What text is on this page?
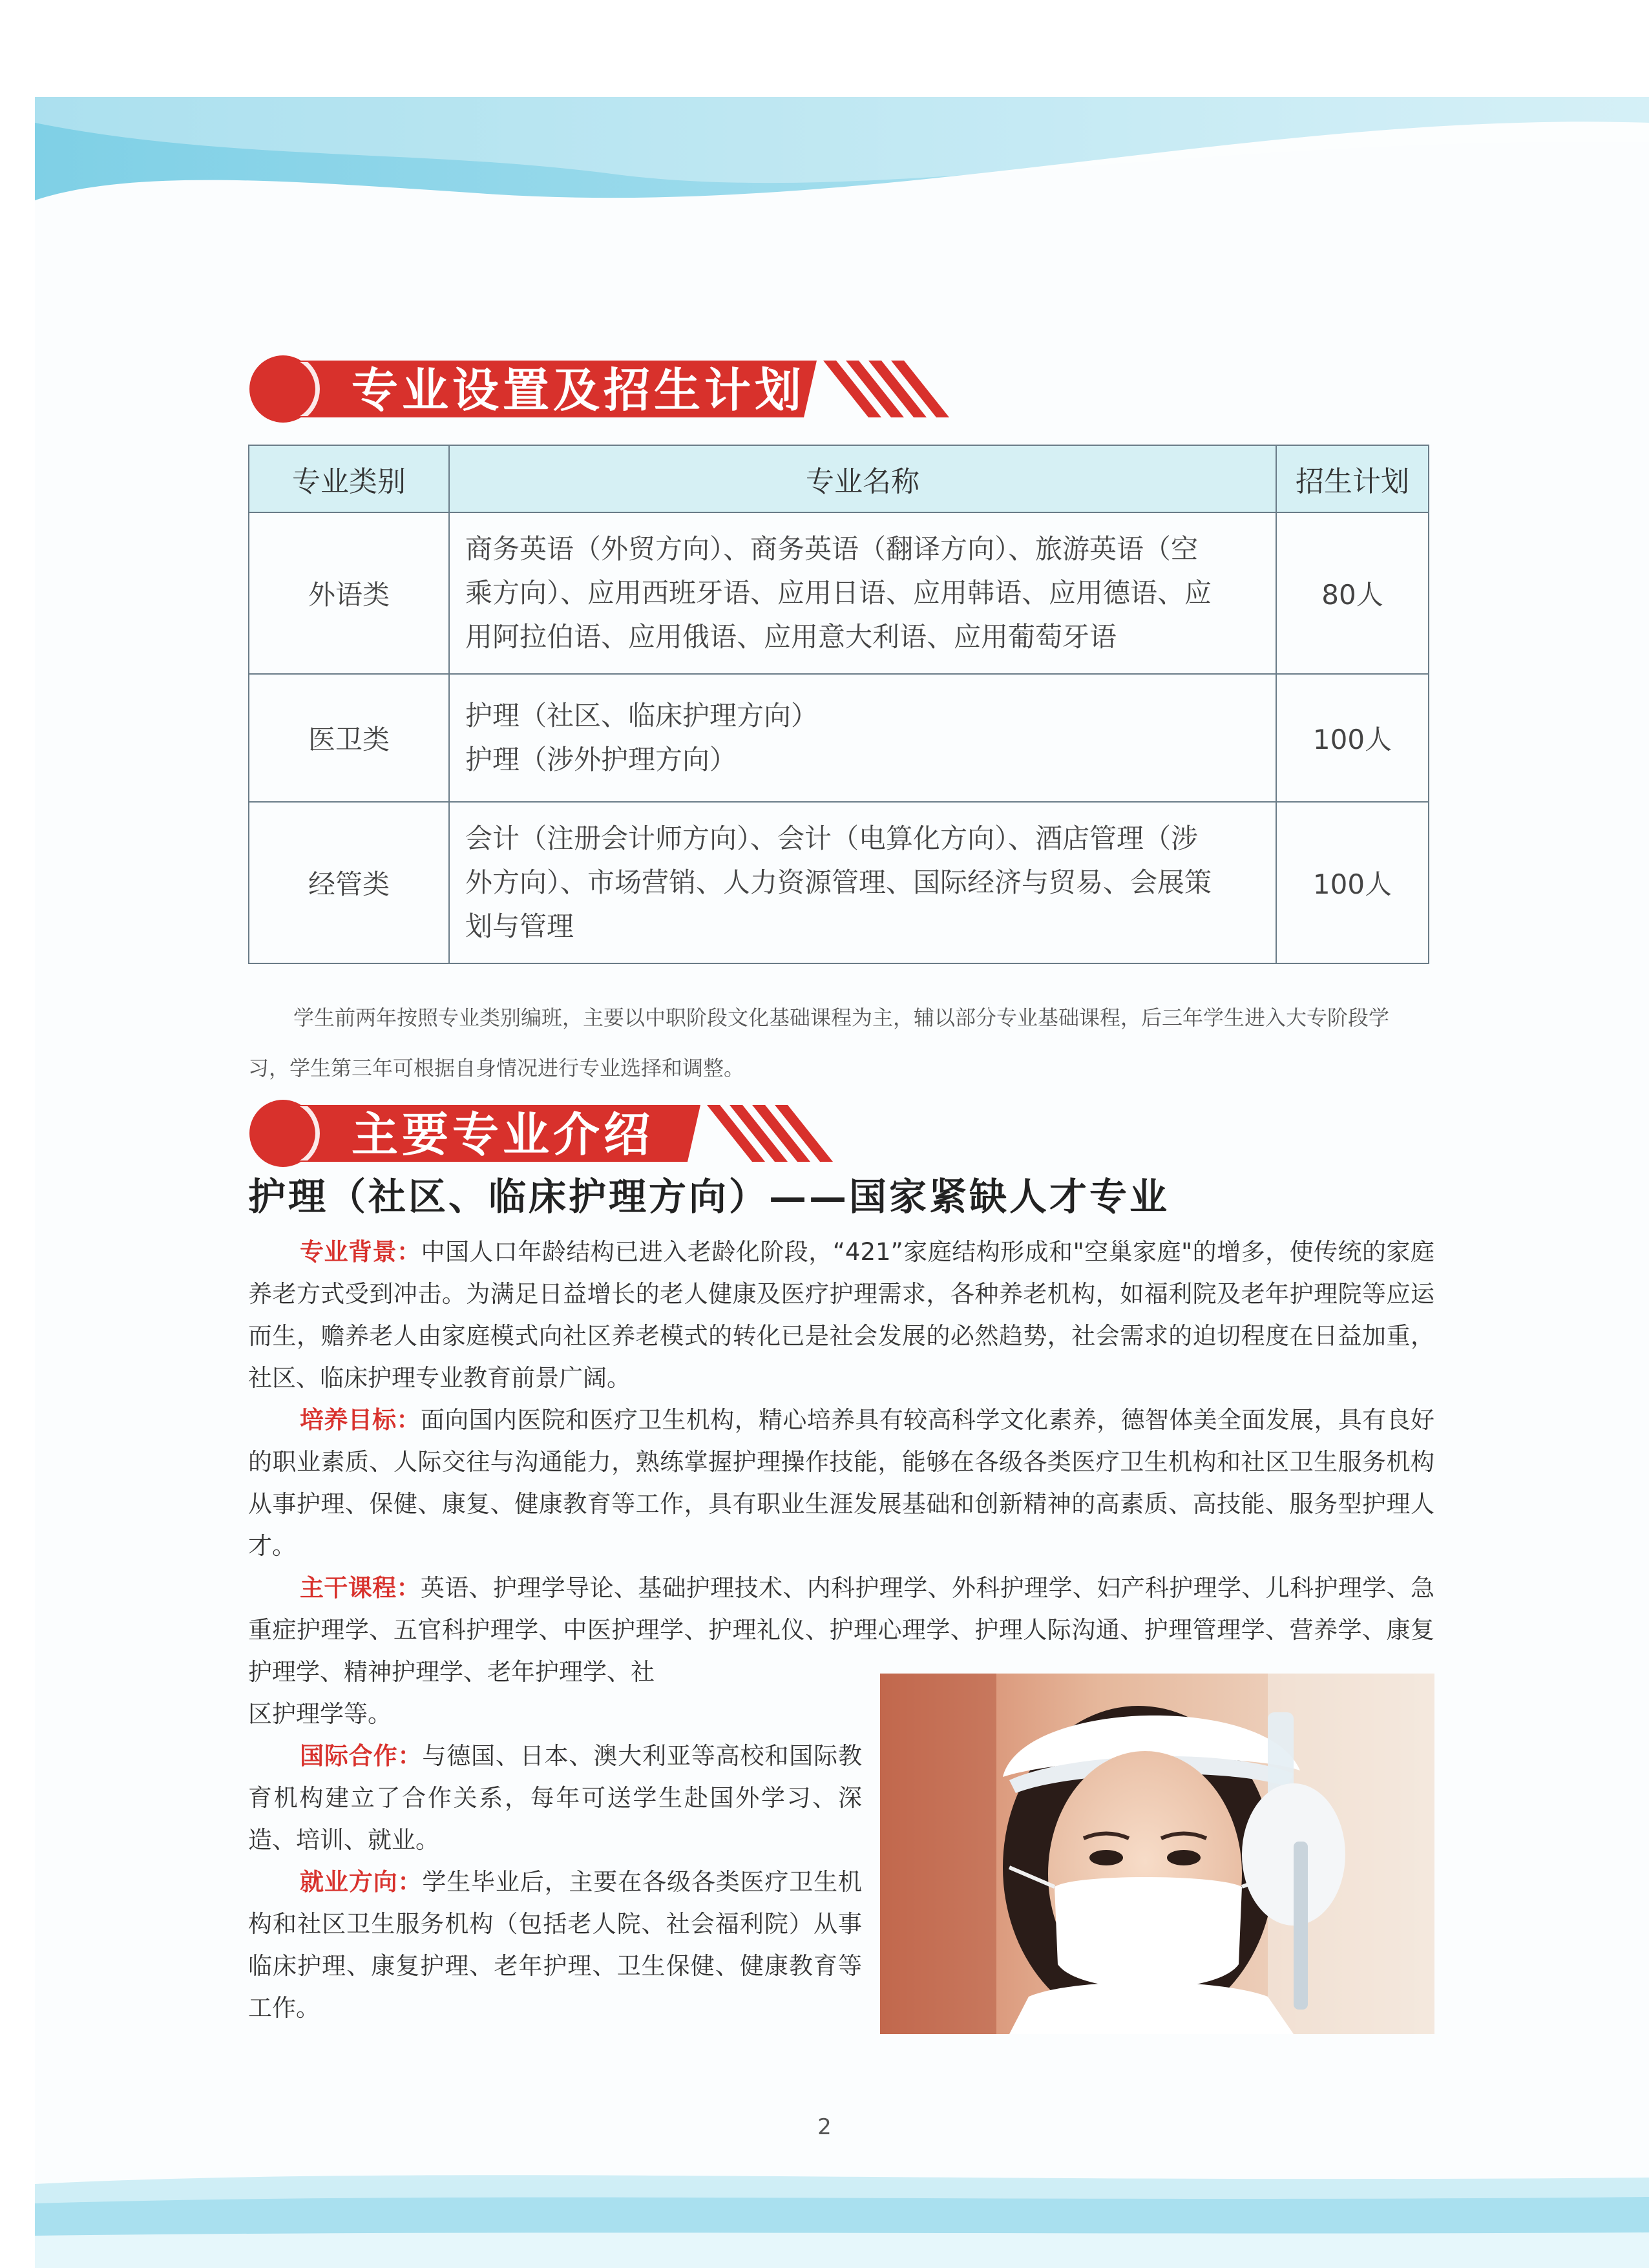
专业设置及招生计划
专业类别	专业名称	招生计划
外语类	商务英语（外贸方向）、商务英语（翻译方向）、旅游英语（空
乘方向）、应用西班牙语、应用日语、应用韩语、应用德语、应
用阿拉伯语、应用俄语、应用意大利语、应用葡萄牙语	80人
医卫类	护理（社区、临床护理方向）
护理（涉外护理方向）	100人
经管类	会计（注册会计师方向）、会计（电算化方向）、酒店管理（涉
外方向）、市场营销、人力资源管理、国际经济与贸易、会展策
划与管理	100人
学生前两年按照专业类别编班，主要以中职阶段文化基础课程为主，辅以部分专业基础课程，后三年学生进入大专阶段学习，学生第三年可根据自身情况进行专业选择和调整。
主要专业介绍
护理（社区、临床护理方向）——国家紧缺人才专业
专业背景：中国人口年龄结构已进入老龄化阶段，“421”家庭结构形成和"空巢家庭"的增多，使传统的家庭养老方式受到冲击。为满足日益增长的老人健康及医疗护理需求，各种养老机构，如福利院及老年护理院等应运而生，赡养老人由家庭模式向社区养老模式的转化已是社会发展的必然趋势，社会需求的迫切程度在日益加重，社区、临床护理专业教育前景广阔。
培养目标：面向国内医院和医疗卫生机构，精心培养具有较高科学文化素养，德智体美全面发展，具有良好的职业素质、人际交往与沟通能力，熟练掌握护理操作技能，能够在各级各类医疗卫生机构和社区卫生服务机构从事护理、保健、康复、健康教育等工作，具有职业生涯发展基础和创新精神的高素质、高技能、服务型护理人才。
主干课程：英语、护理学导论、基础护理技术、内科护理学、外科护理学、妇产科护理学、儿科护理学、急重症护理学、五官科护理学、中医护理学、护理礼仪、护理心理学、护理人际沟通、护理管理学、营养学、康复护理学、精神护理学、老年护理学、社
区护理学等。
国际合作：与德国、日本、澳大利亚等高校和国际教育机构建立了合作关系，每年可送学生赴国外学习、深造、培训、就业。
就业方向：学生毕业后，主要在各级各类医疗卫生机构和社区卫生服务机构（包括老人院、社会福利院）从事临床护理、康复护理、老年护理、卫生保健、健康教育等工作。
2
